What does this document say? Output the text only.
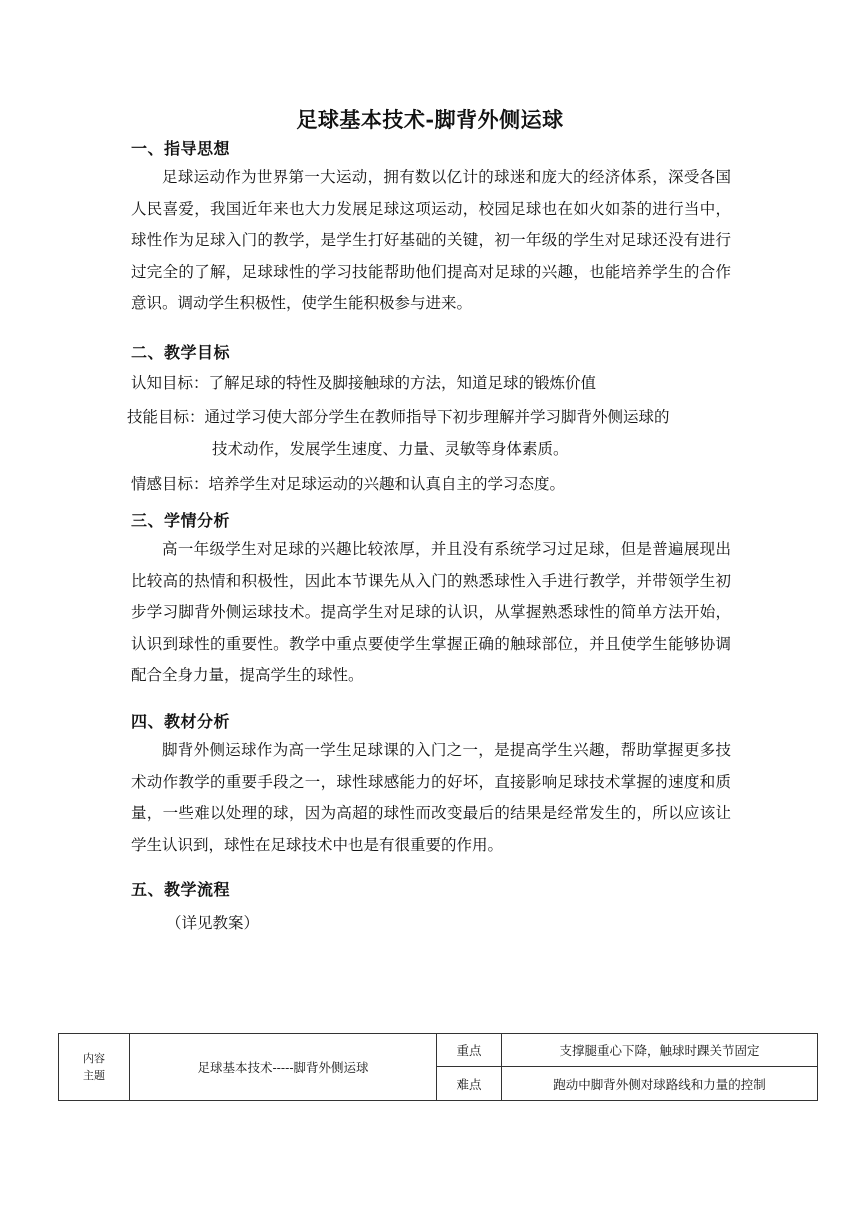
足球基本技术-脚背外侧运球
一、指导思想

足球运动作为世界第一大运动，拥有数以亿计的球迷和庞大的经济体系，深受各国人民喜爱，我国近年来也大力发展足球这项运动，校园足球也在如火如荼的进行当中，球性作为足球入门的教学，是学生打好基础的关键，初一年级的学生对足球还没有进行过完全的了解，足球球性的学习技能帮助他们提高对足球的兴趣，也能培养学生的合作意识。调动学生积极性，使学生能积极参与进来。

二、教学目标
认知目标：了解足球的特性及脚接触球的方法，知道足球的锻炼价值
技能目标：通过学习使大部分学生在教师指导下初步理解并学习脚背外侧运球的
技术动作，发展学生速度、力量、灵敏等身体素质。
情感目标：培养学生对足球运动的兴趣和认真自主的学习态度。
三、学情分析

高一年级学生对足球的兴趣比较浓厚，并且没有系统学习过足球，但是普遍展现出比较高的热情和积极性，因此本节课先从入门的熟悉球性入手进行教学，并带领学生初步学习脚背外侧运球技术。提高学生对足球的认识，从掌握熟悉球性的简单方法开始，认识到球性的重要性。教学中重点要使学生掌握正确的触球部位，并且使学生能够协调配合全身力量，提高学生的球性。

四、教材分析

脚背外侧运球作为高一学生足球课的入门之一，是提高学生兴趣，帮助掌握更多技术动作教学的重要手段之一，球性球感能力的好坏，直接影响足球技术掌握的速度和质量，一些难以处理的球，因为高超的球性而改变最后的结果是经常发生的，所以应该让学生认识到，球性在足球技术中也是有很重要的作用。

五、教学流程
（详见教案）
内容
主题	足球基本技术-----脚背外侧运球	重点	支撑腿重心下降，触球时踝关节固定
		难点	跑动中脚背外侧对球路线和力量的控制
